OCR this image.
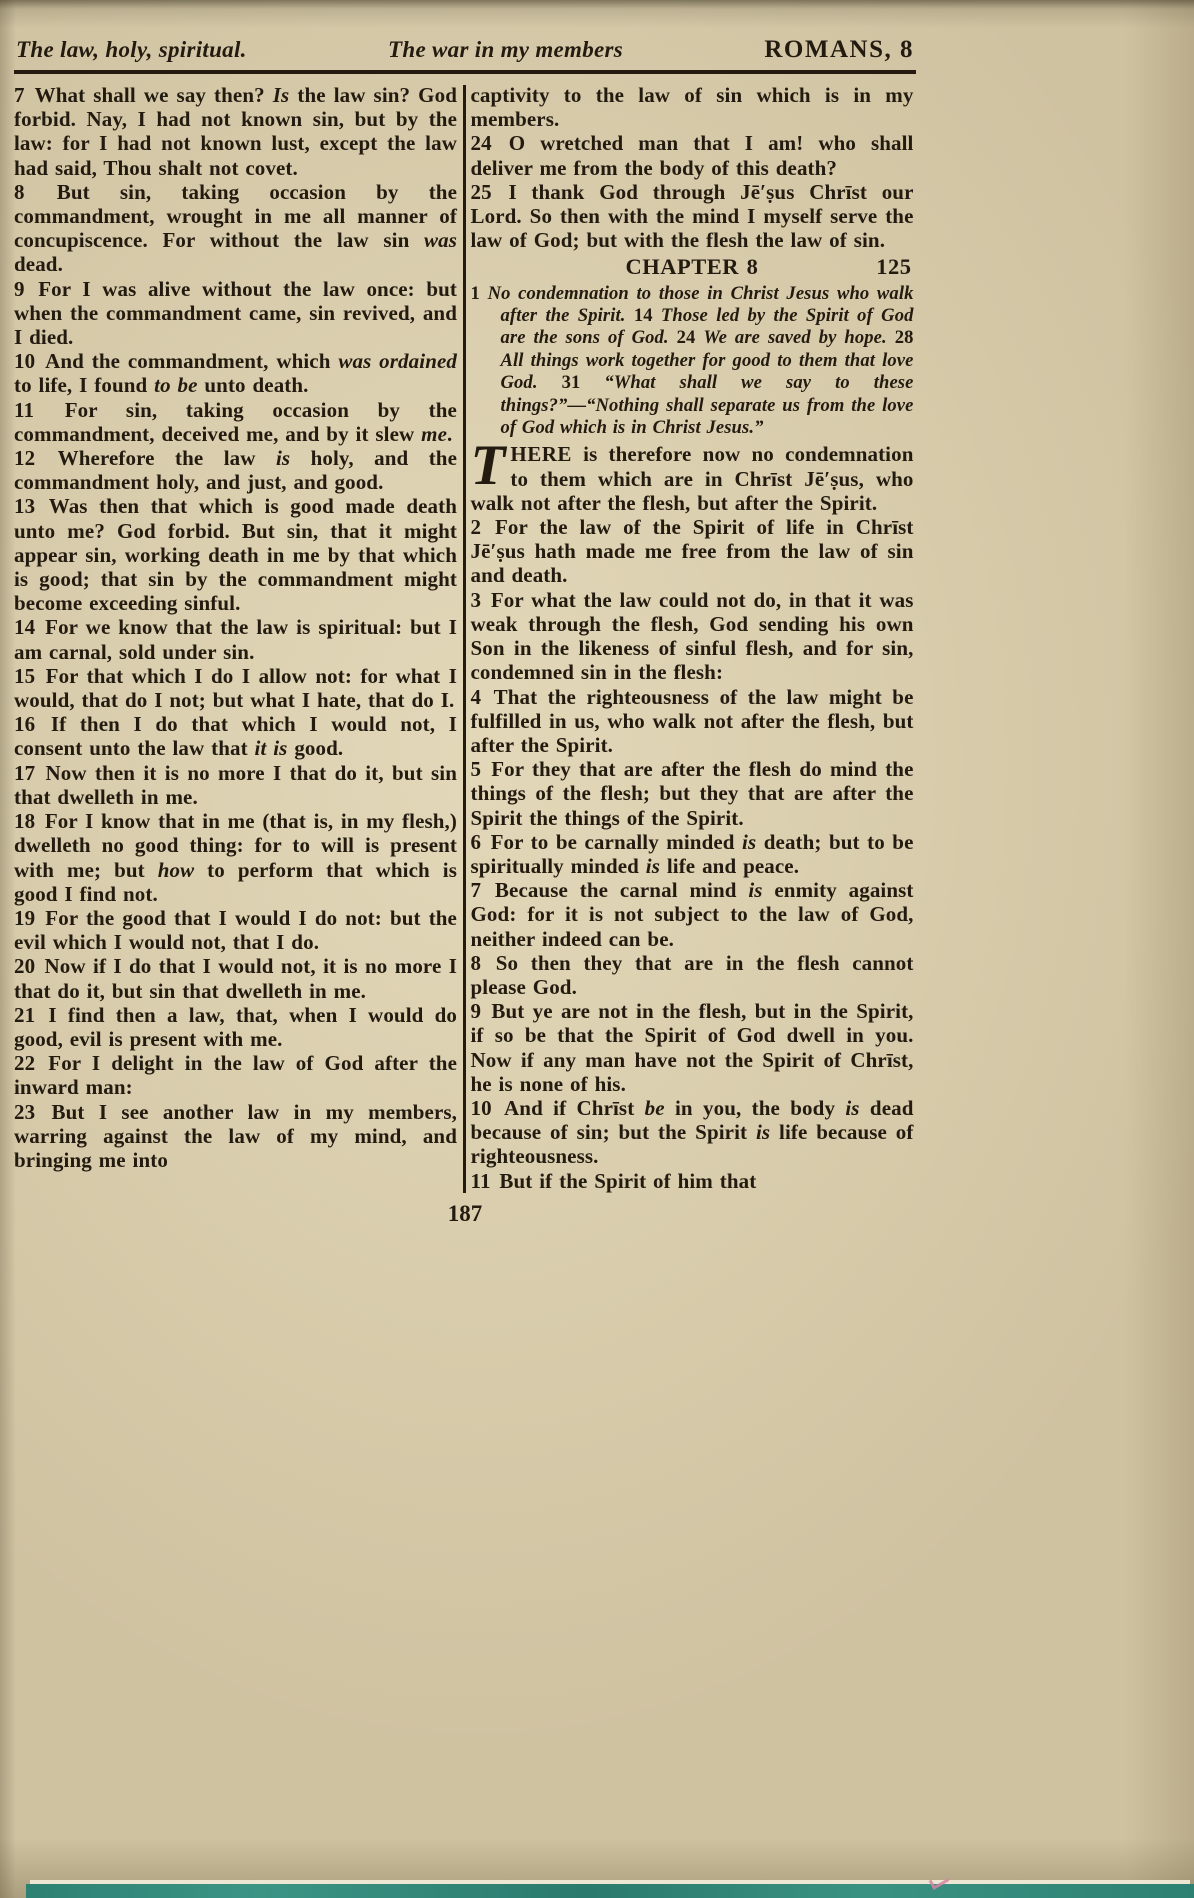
The law, holy, spiritual.	The war in my members	ROMANS, 8

7 What shall we say then? Is the law sin? God forbid. Nay, I had not known sin, but by the law: for I had not known lust, except the law had said, Thou shalt not covet.

8 But sin, taking occasion by the commandment, wrought in me all manner of concupiscence. For without the law sin was dead.

9 For I was alive without the law once: but when the commandment came, sin revived, and I died.

10 And the commandment, which was ordained to life, I found to be unto death.

11 For sin, taking occasion by the commandment, deceived me, and by it slew me.

12 Wherefore the law is holy, and the commandment holy, and just, and good.

13 Was then that which is good made death unto me? God forbid. But sin, that it might appear sin, working death in me by that which is good; that sin by the commandment might become exceeding sinful.

14 For we know that the law is spiritual: but I am carnal, sold under sin.

15 For that which I do I allow not: for what I would, that do I not; but what I hate, that do I.

16 If then I do that which I would not, I consent unto the law that it is good.

17 Now then it is no more I that do it, but sin that dwelleth in me.

18 For I know that in me (that is, in my flesh,) dwelleth no good thing: for to will is present with me; but how to perform that which is good I find not.

19 For the good that I would I do not: but the evil which I would not, that I do.

20 Now if I do that I would not, it is no more I that do it, but sin that dwelleth in me.

21 I find then a law, that, when I would do good, evil is present with me.

22 For I delight in the law of God after the inward man:

23 But I see another law in my members, warring against the law of my mind, and bringing me into

captivity to the law of sin which is in my members.

24 O wretched man that I am! who shall deliver me from the body of this death?

25 I thank God through Jē′ṣus Chrīst our Lord. So then with the mind I myself serve the law of God; but with the flesh the law of sin.

CHAPTER 8	125

1 No condemnation to those in Christ Jesus who walk after the Spirit. 14 Those led by the Spirit of God are the sons of God. 24 We are saved by hope. 28 All things work together for good to them that love God. 31 “What shall we say to these things?”—“Nothing shall separate us from the love of God which is in Christ Jesus.”

THERE is therefore now no condemnation to them which are in Chrīst Jē′ṣus, who walk not after the flesh, but after the Spirit.

2 For the law of the Spirit of life in Chrīst Jē′ṣus hath made me free from the law of sin and death.

3 For what the law could not do, in that it was weak through the flesh, God sending his own Son in the likeness of sinful flesh, and for sin, condemned sin in the flesh:

4 That the righteousness of the law might be fulfilled in us, who walk not after the flesh, but after the Spirit.

5 For they that are after the flesh do mind the things of the flesh; but they that are after the Spirit the things of the Spirit.

6 For to be carnally minded is death; but to be spiritually minded is life and peace.

7 Because the carnal mind is enmity against God: for it is not subject to the law of God, neither indeed can be.

8 So then they that are in the flesh cannot please God.

9 But ye are not in the flesh, but in the Spirit, if so be that the Spirit of God dwell in you. Now if any man have not the Spirit of Chrīst, he is none of his.

10 And if Chrīst be in you, the body is dead because of sin; but the Spirit is life because of righteousness.

11 But if the Spirit of him that

187
